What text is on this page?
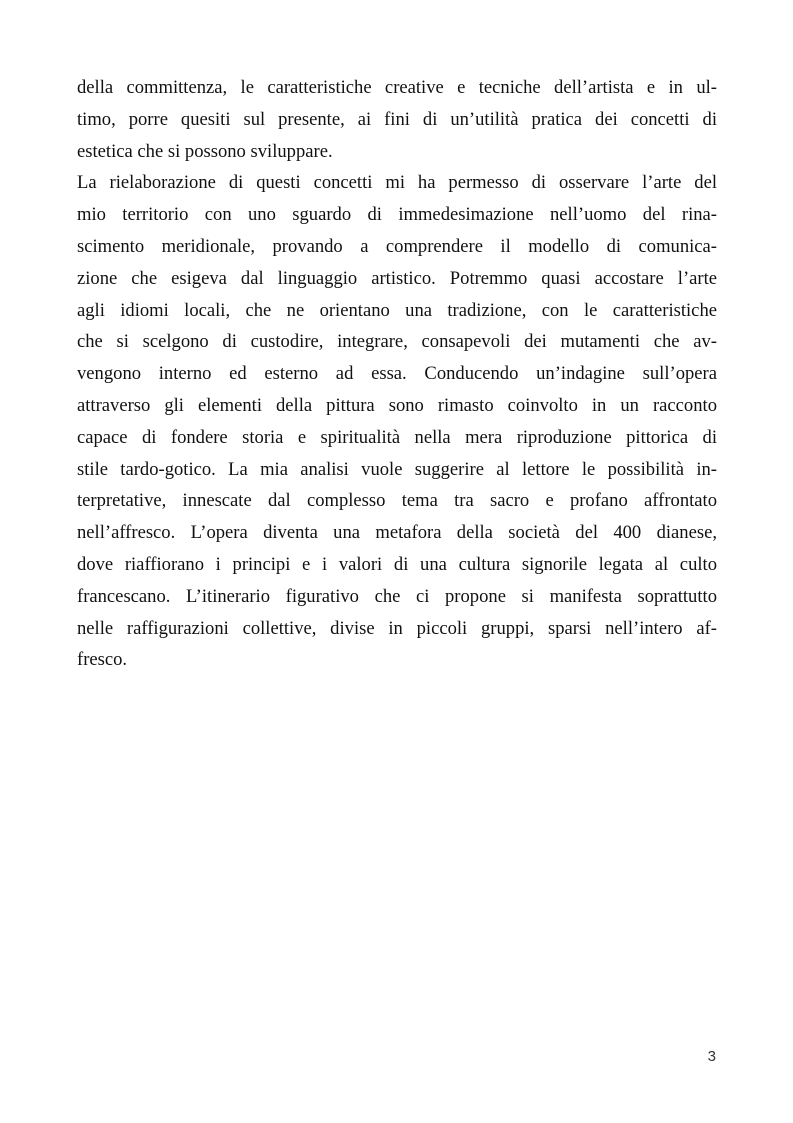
della committenza, le caratteristiche creative e tecniche dell’artista e in ul-
timo, porre quesiti sul presente, ai fini di un’utilità pratica dei concetti di
estetica che si possono sviluppare.
La rielaborazione di questi concetti mi ha permesso di osservare l’arte del
mio territorio con uno sguardo di immedesimazione nell’uomo del rina-
scimento meridionale, provando a comprendere il modello di comunica-
zione che esigeva dal linguaggio artistico. Potremmo quasi accostare l’arte
agli idiomi locali, che ne orientano una tradizione, con le caratteristiche
che si scelgono di custodire, integrare, consapevoli dei mutamenti che av-
vengono interno ed esterno ad essa. Conducendo un’indagine sull’opera
attraverso gli elementi della pittura sono rimasto coinvolto in un racconto
capace di fondere storia e spiritualità nella mera riproduzione pittorica di
stile tardo-gotico. La mia analisi vuole suggerire al lettore le possibilità in-
terpretative, innescate dal complesso tema tra sacro e profano affrontato
nell’affresco. L’opera diventa una metafora della società del 400 dianese,
dove riaffiorano i principi e i valori di una cultura signorile legata al culto
francescano. L’itinerario figurativo che ci propone si manifesta soprattutto
nelle raffigurazioni collettive, divise in piccoli gruppi, sparsi nell’intero af-
fresco.
3
